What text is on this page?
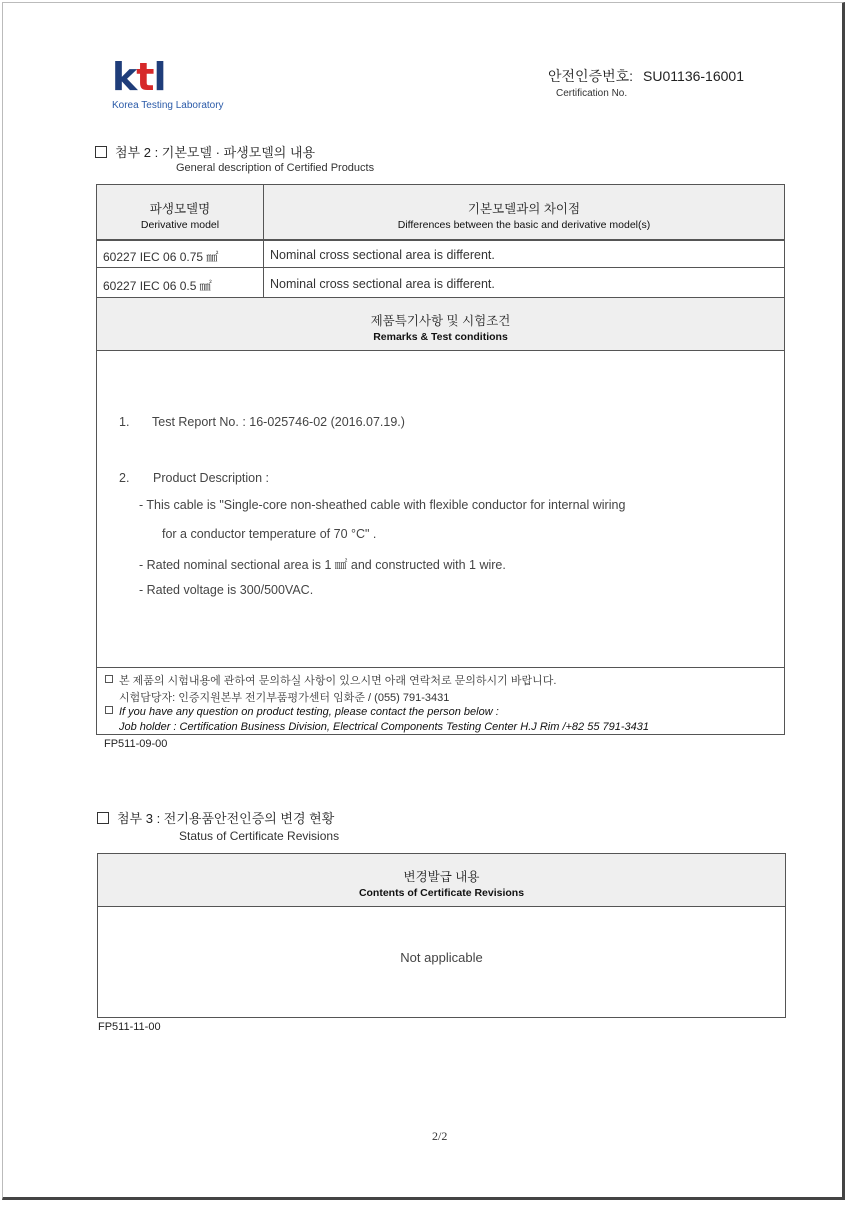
ktl
Korea Testing Laboratory
안전인증번호: SU01136-16001
Certification No.
첨부 2 : 기본모델 · 파생모델의 내용
General description of Certified Products
파생모델명
Derivative model
기본모델과의 차이점
Differences between the basic and derivative model(s)
60227 IEC 06 0.75 ㎟	Nominal cross sectional area is different.
60227 IEC 06 0.5 ㎟	Nominal cross sectional area is different.
제품특기사항 및 시험조건
Remarks & Test conditions
1. Test Report No. : 16-025746-02 (2016.07.19.)
2. Product Description :
- This cable is "Single-core non-sheathed cable with flexible conductor for internal wiring
for a conductor temperature of 70 °C" .
- Rated nominal sectional area is 1 ㎟ and constructed with 1 wire.
- Rated voltage is 300/500VAC.
본 제품의 시험내용에 관하여 문의하실 사항이 있으시면 아래 연락처로 문의하시기 바랍니다.
시험담당자: 인증지원본부 전기부품평가센터 임화준 / (055) 791-3431
If you have any question on product testing, please contact the person below :
Job holder : Certification Business Division, Electrical Components Testing Center H.J Rim /+82 55 791-3431
FP511-09-00
첨부 3 : 전기용품안전인증의 변경 현황
Status of Certificate Revisions
변경발급 내용
Contents of Certificate Revisions
Not applicable
FP511-11-00
2/2
